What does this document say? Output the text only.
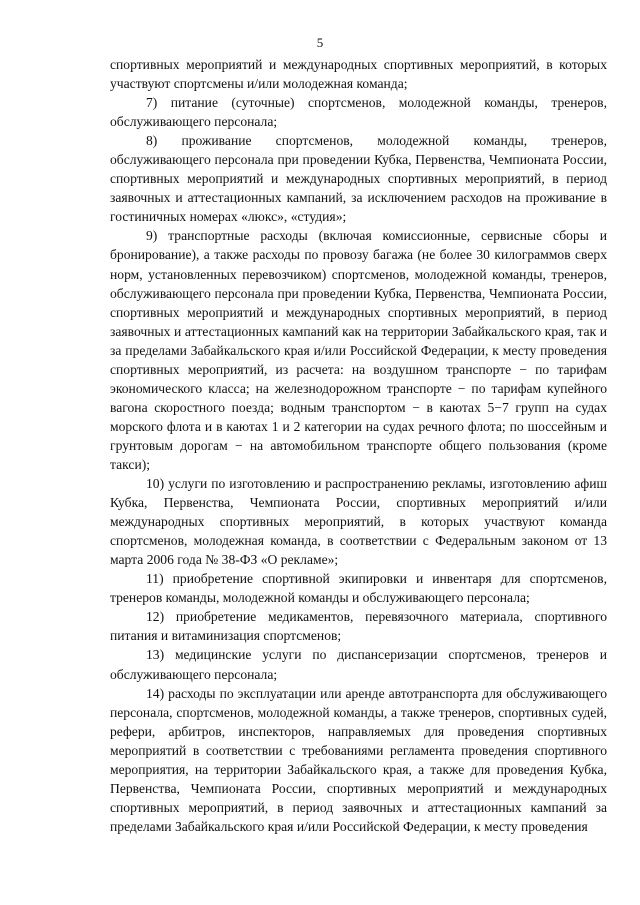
5

спортивных мероприятий и международных спортивных мероприятий, в которых участвуют спортсмены и/или молодежная команда;

7) питание (суточные) спортсменов, молодежной команды, тренеров, обслуживающего персонала;

8) проживание спортсменов, молодежной команды, тренеров, обслуживающего персонала при проведении Кубка, Первенства, Чемпионата России, спортивных мероприятий и международных спортивных мероприятий, в период заявочных и аттестационных кампаний, за исключением расходов на проживание в гостиничных номерах «люкс», «студия»;

9) транспортные расходы (включая комиссионные, сервисные сборы и бронирование), а также расходы по провозу багажа (не более 30 килограммов сверх норм, установленных перевозчиком) спортсменов, молодежной команды, тренеров, обслуживающего персонала при проведении Кубка, Первенства, Чемпионата России, спортивных мероприятий и международных спортивных мероприятий, в период заявочных и аттестационных кампаний как на территории Забайкальского края, так и за пределами Забайкальского края и/или Российской Федерации, к месту проведения спортивных мероприятий, из расчета: на воздушном транспорте − по тарифам экономического класса; на железнодорожном транспорте − по тарифам купейного вагона скоростного поезда; водным транспортом − в каютах 5−7 групп на судах морского флота и в каютах 1 и 2 категории на судах речного флота; по шоссейным и грунтовым дорогам − на автомобильном транспорте общего пользования (кроме такси);

10) услуги по изготовлению и распространению рекламы, изготовлению афиш Кубка, Первенства, Чемпионата России, спортивных мероприятий и/или международных спортивных мероприятий, в которых участвуют команда спортсменов, молодежная команда, в соответствии с Федеральным законом от 13 марта 2006 года № 38-ФЗ «О рекламе»;

11) приобретение спортивной экипировки и инвентаря для спортсменов, тренеров команды, молодежной команды и обслуживающего персонала;

12) приобретение медикаментов, перевязочного материала, спортивного питания и витаминизация спортсменов;

13) медицинские услуги по диспансеризации спортсменов, тренеров и обслуживающего персонала;

14) расходы по эксплуатации или аренде автотранспорта для обслуживающего персонала, спортсменов, молодежной команды, а также тренеров, спортивных судей, рефери, арбитров, инспекторов, направляемых для проведения спортивных мероприятий в соответствии с требованиями регламента проведения спортивного мероприятия, на территории Забайкальского края, а также для проведения Кубка, Первенства, Чемпионата России, спортивных мероприятий и международных спортивных мероприятий, в период заявочных и аттестационных кампаний за пределами Забайкальского края и/или Российской Федерации, к месту проведения
